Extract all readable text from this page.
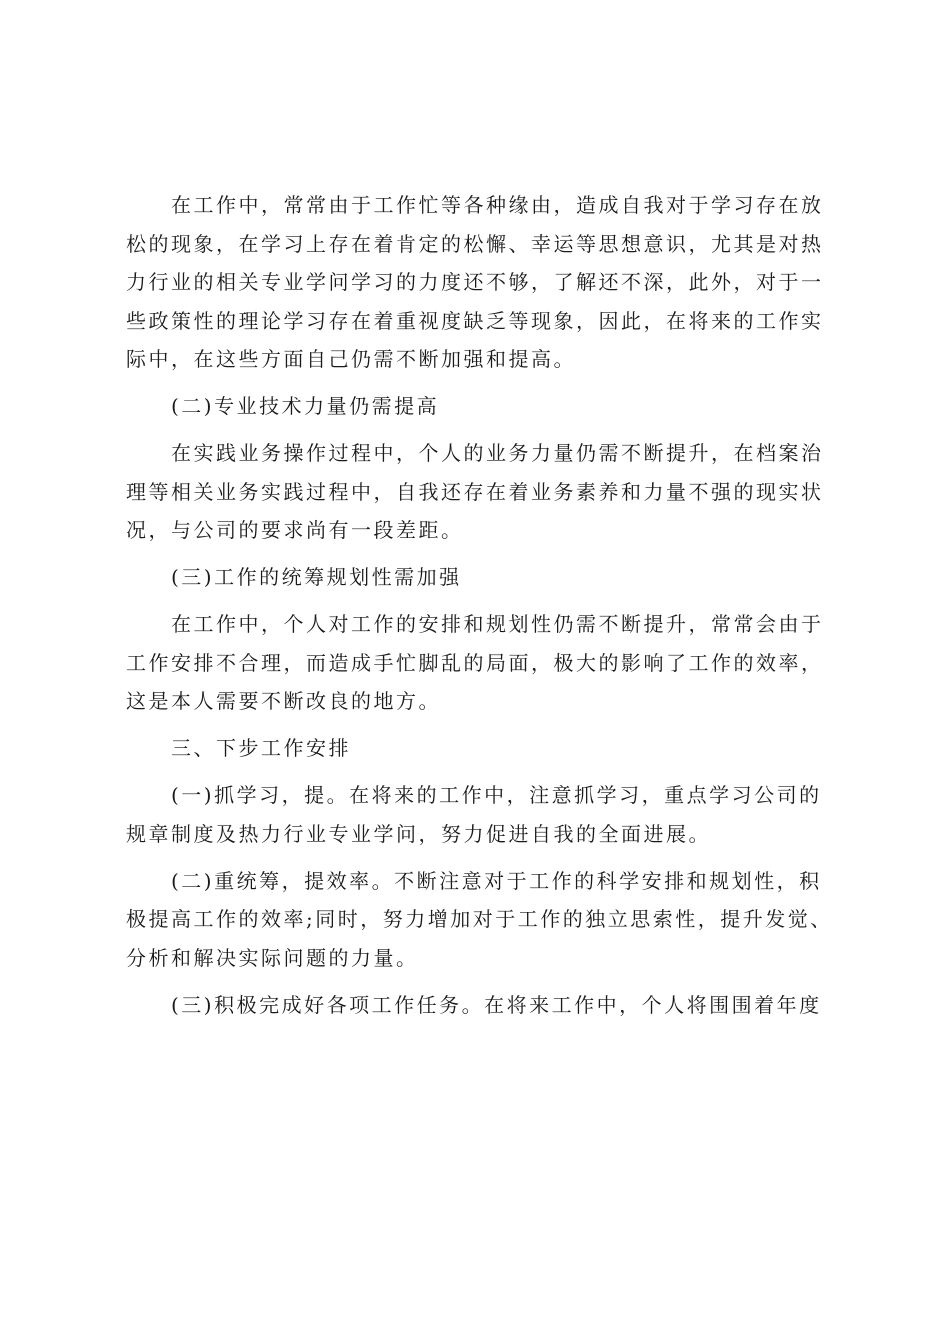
　　在工作中，常常由于工作忙等各种缘由，造成自我对于学习存在放
松的现象，在学习上存在着肯定的松懈、幸运等思想意识，尤其是对热
力行业的相关专业学问学习的力度还不够，了解还不深，此外，对于一
些政策性的理论学习存在着重视度缺乏等现象，因此，在将来的工作实
际中，在这些方面自己仍需不断加强和提高。

　　(二)专业技术力量仍需提高

　　在实践业务操作过程中，个人的业务力量仍需不断提升，在档案治
理等相关业务实践过程中，自我还存在着业务素养和力量不强的现实状
况，与公司的要求尚有一段差距。

　　(三)工作的统筹规划性需加强

　　在工作中，个人对工作的安排和规划性仍需不断提升，常常会由于
工作安排不合理，而造成手忙脚乱的局面，极大的影响了工作的效率，
这是本人需要不断改良的地方。

　　三、下步工作安排

　　(一)抓学习，提。在将来的工作中，注意抓学习，重点学习公司的
规章制度及热力行业专业学问，努力促进自我的全面进展。

　　(二)重统筹，提效率。不断注意对于工作的科学安排和规划性，积
极提高工作的效率;同时，努力增加对于工作的独立思索性，提升发觉、
分析和解决实际问题的力量。

　　(三)积极完成好各项工作任务。在将来工作中，个人将围围着年度
